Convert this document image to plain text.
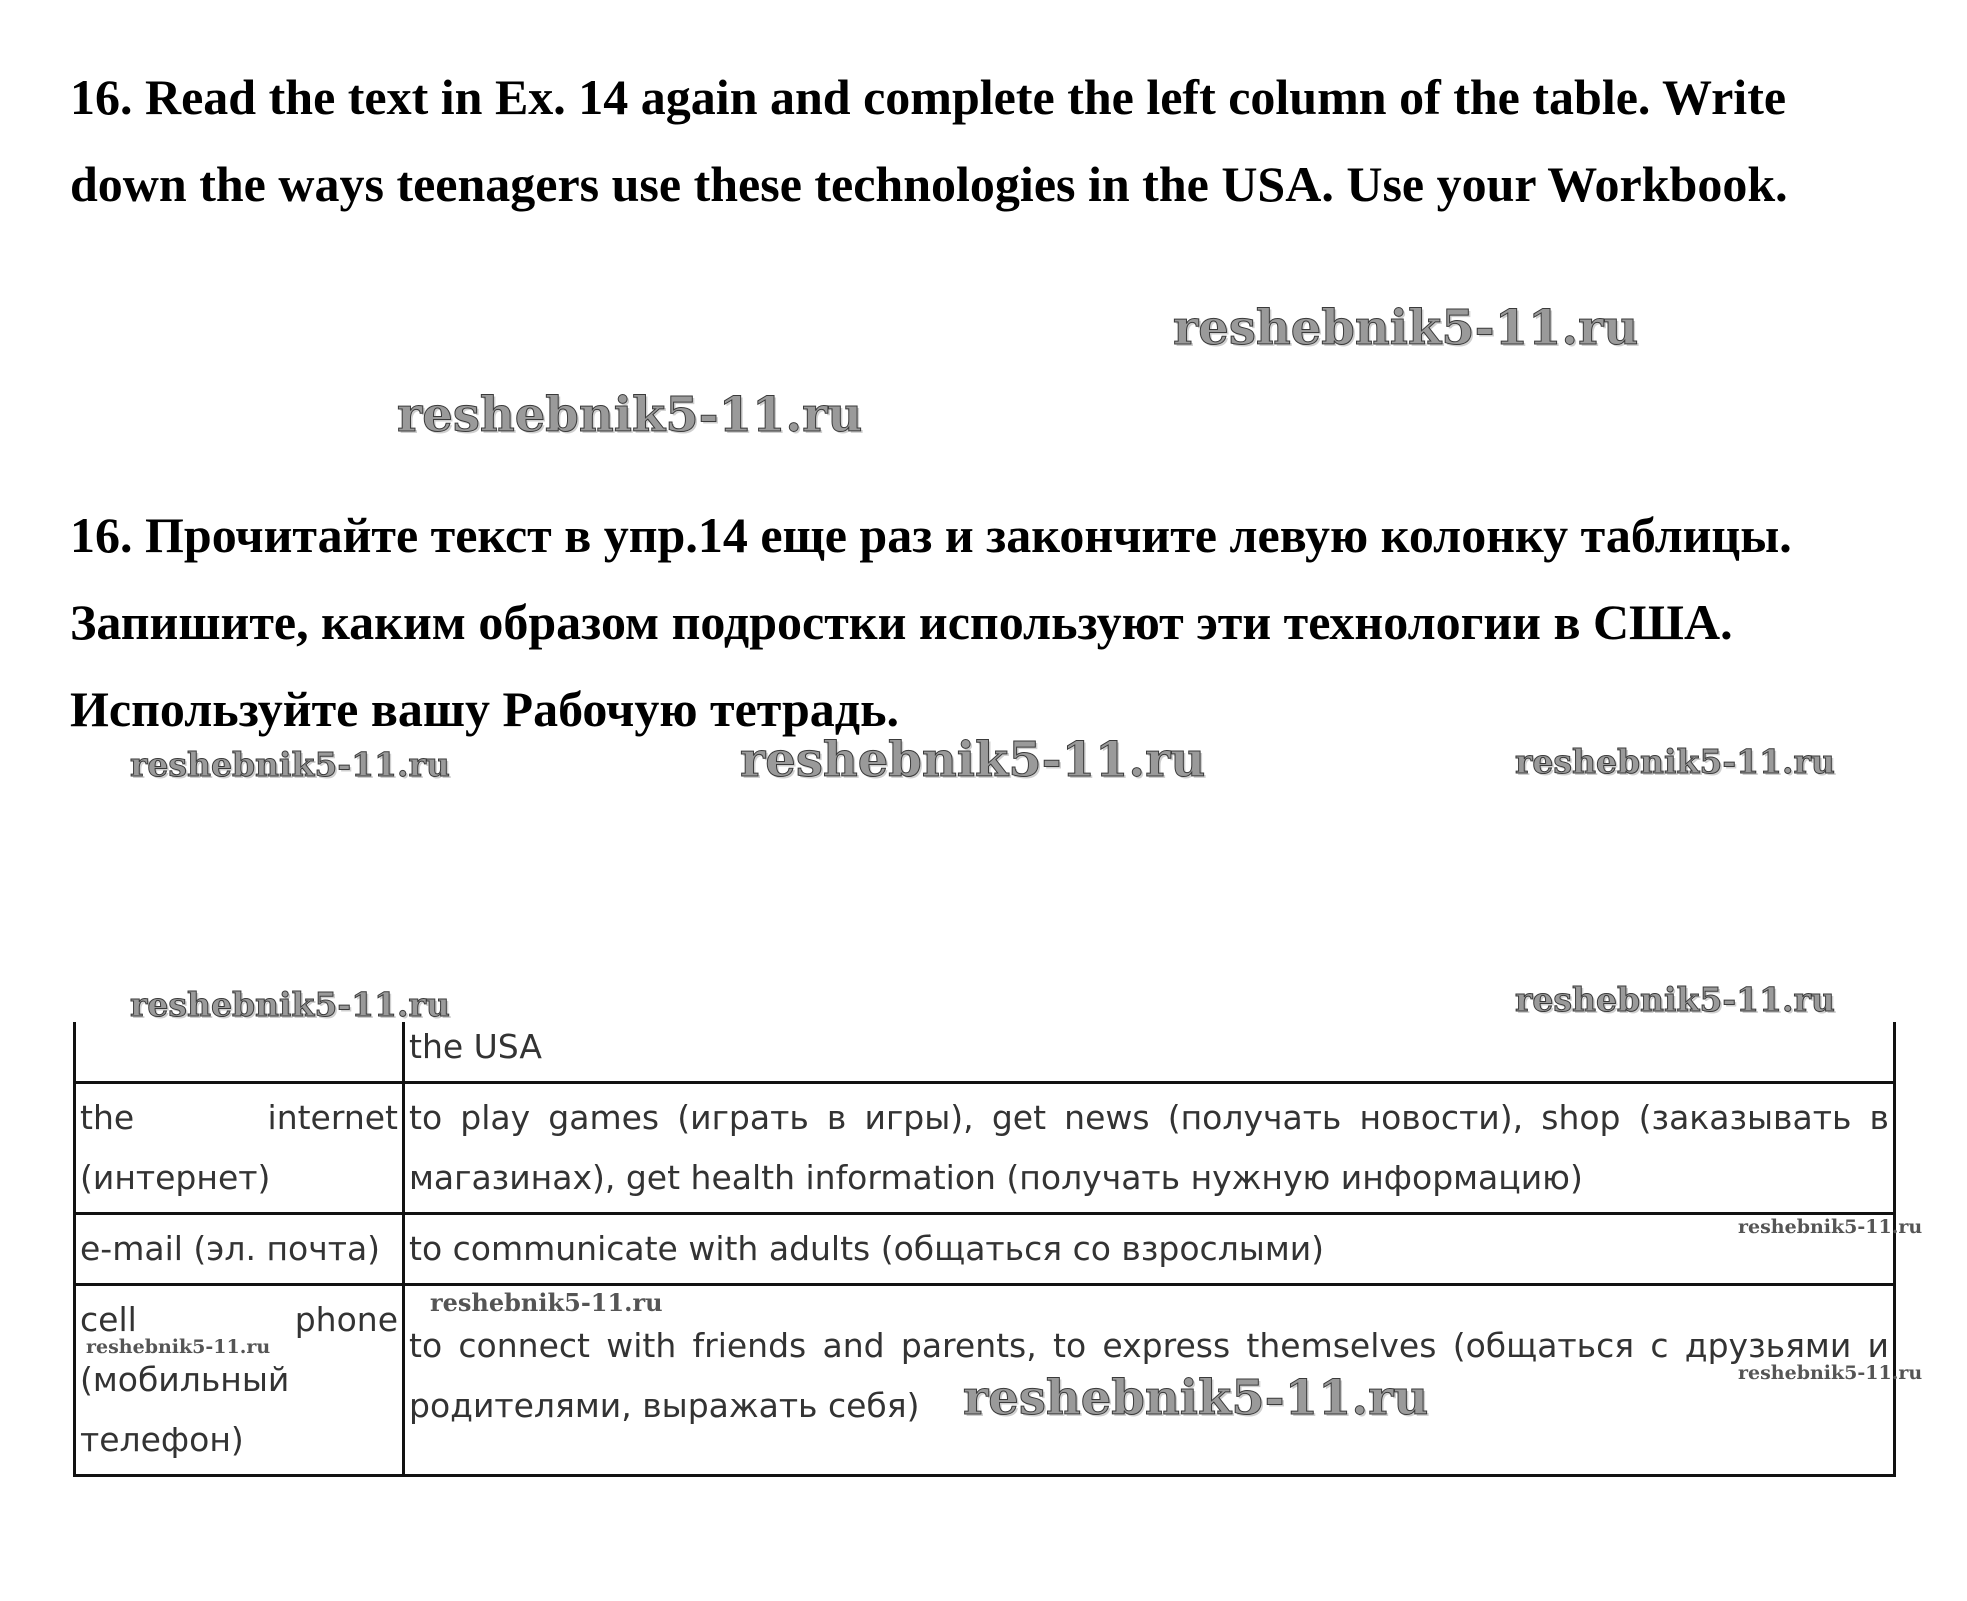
16. Read the text in Ex. 14 again and complete the left column of the table. Write down the ways teenagers use these technologies in the USA. Use your Workbook.

16. Прочитайте текст в упр.14 еще раз и закончите левую колонку таблицы. Запишите, каким образом подростки используют эти технологии в США. Используйте вашу Рабочую тетрадь.

	the USA
the internet (интернет)	to play games (играть в игры), get news (получать новости), shop (заказывать в магазинах), get health information (получать нужную информацию)
e-mail (эл. почта)	to communicate with adults (общаться со взрослыми)
cell phone (мобильный телефон)	to connect with friends and parents, to express themselves (общаться с друзьями и родителями, выражать себя)
reshebnik5-11.ru
reshebnik5-11.ru
reshebnik5-11.ru	reshebnik5-11.ru	reshebnik5-11.ru
reshebnik5-11.ru	reshebnik5-11.ru
reshebnik5-11.ru
reshebnik5-11.ru
reshebnik5-11.ru
reshebnik5-11.ru
reshebnik5-11.ru
